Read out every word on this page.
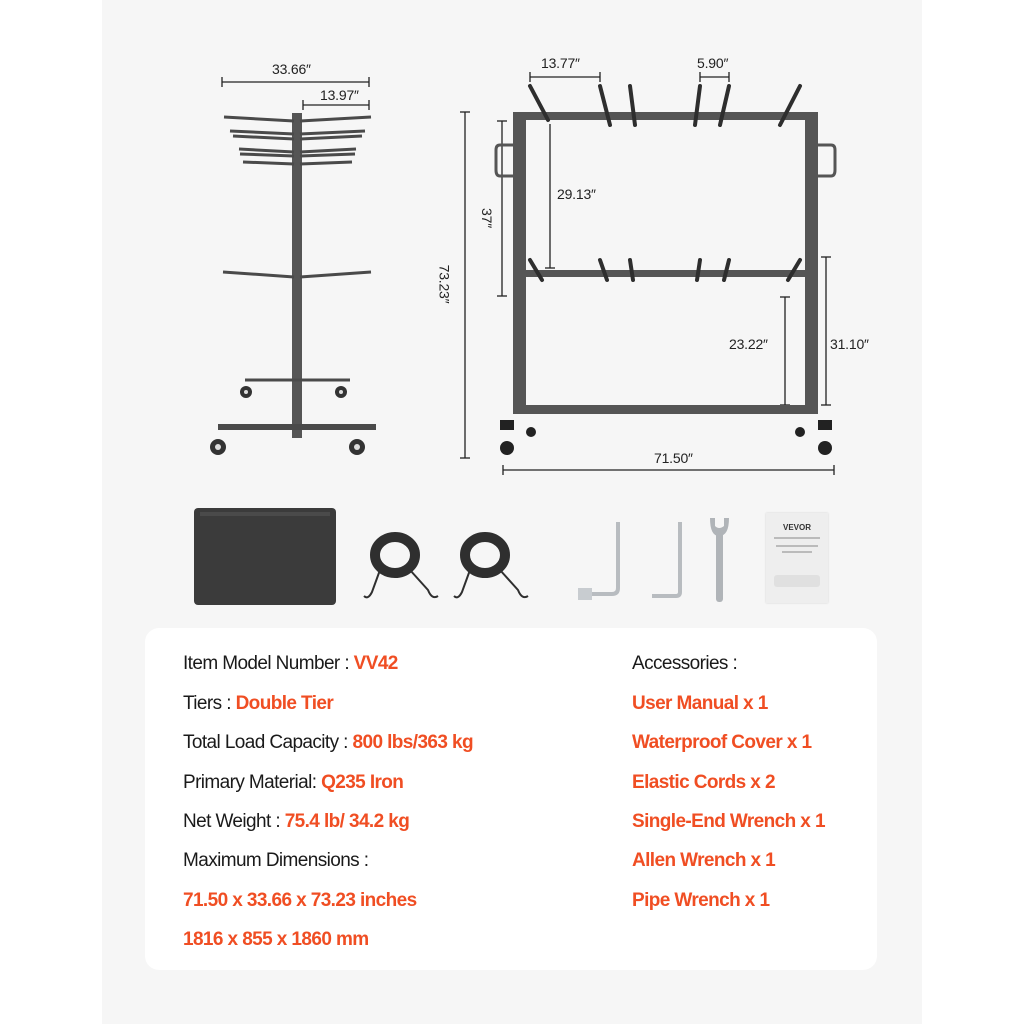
33.66″
13.97″
13.77″	5.90″
73.23″
37″
29.13″
23.22″	31.10″
71.50″
VEVOR
Item Model Number : VV42
Tiers : Double Tier
Total Load Capacity : 800 lbs/363 kg
Primary Material: Q235 Iron
Net Weight : 75.4 lb/ 34.2 kg
Maximum Dimensions :
71.50 x 33.66 x 73.23 inches
1816 x 855 x 1860 mm
Accessories :
User Manual x 1
Waterproof Cover x 1
Elastic Cords x 2
Single-End Wrench x 1
Allen Wrench x 1
Pipe Wrench x 1
